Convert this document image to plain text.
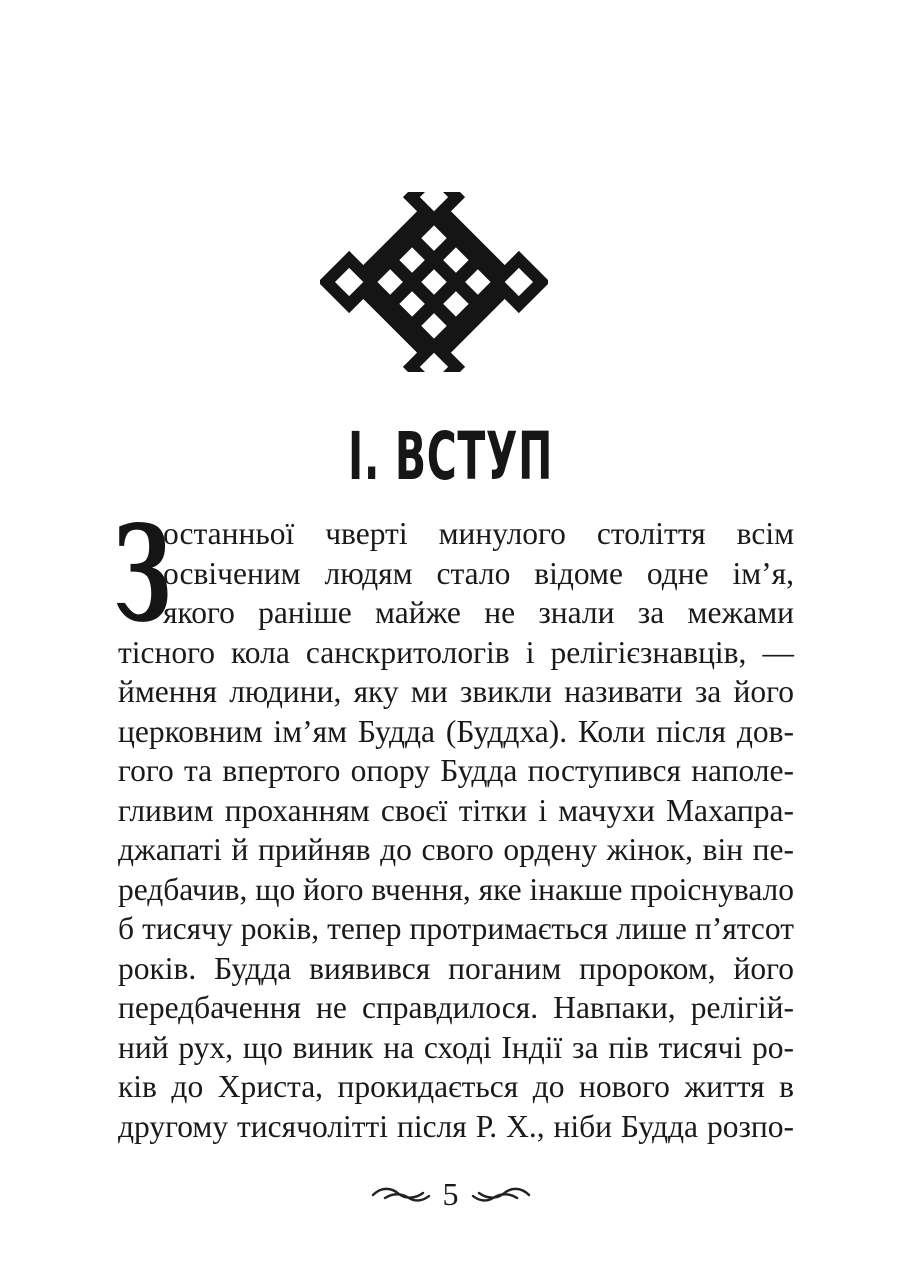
І. ВСТУП
З
останньої чверті минулого століття всім
освіченим людям стало відоме одне ім’я,
якого раніше майже не знали за межами
тісного кола санскритологів і релігієзнавців, —
ймення людини, яку ми звикли називати за його
церковним ім’ям Будда (Буддха). Коли після дов-
гого та впертого опору Будда поступився наполе-
гливим проханням своєї тітки і мачухи Махапра-
джапаті й прийняв до свого ордену жінок, він пе-
редбачив, що його вчення, яке інакше проіснувало
б тисячу років, тепер протримається лише п’ятсот
років. Будда виявився поганим пророком, його
передбачення не справдилося. Навпаки, релігій-
ний рух, що виник на сході Індії за пів тисячі ро-
ків до Христа, прокидається до нового життя в
другому тисячолітті після Р. Х., ніби Будда розпо-
5
